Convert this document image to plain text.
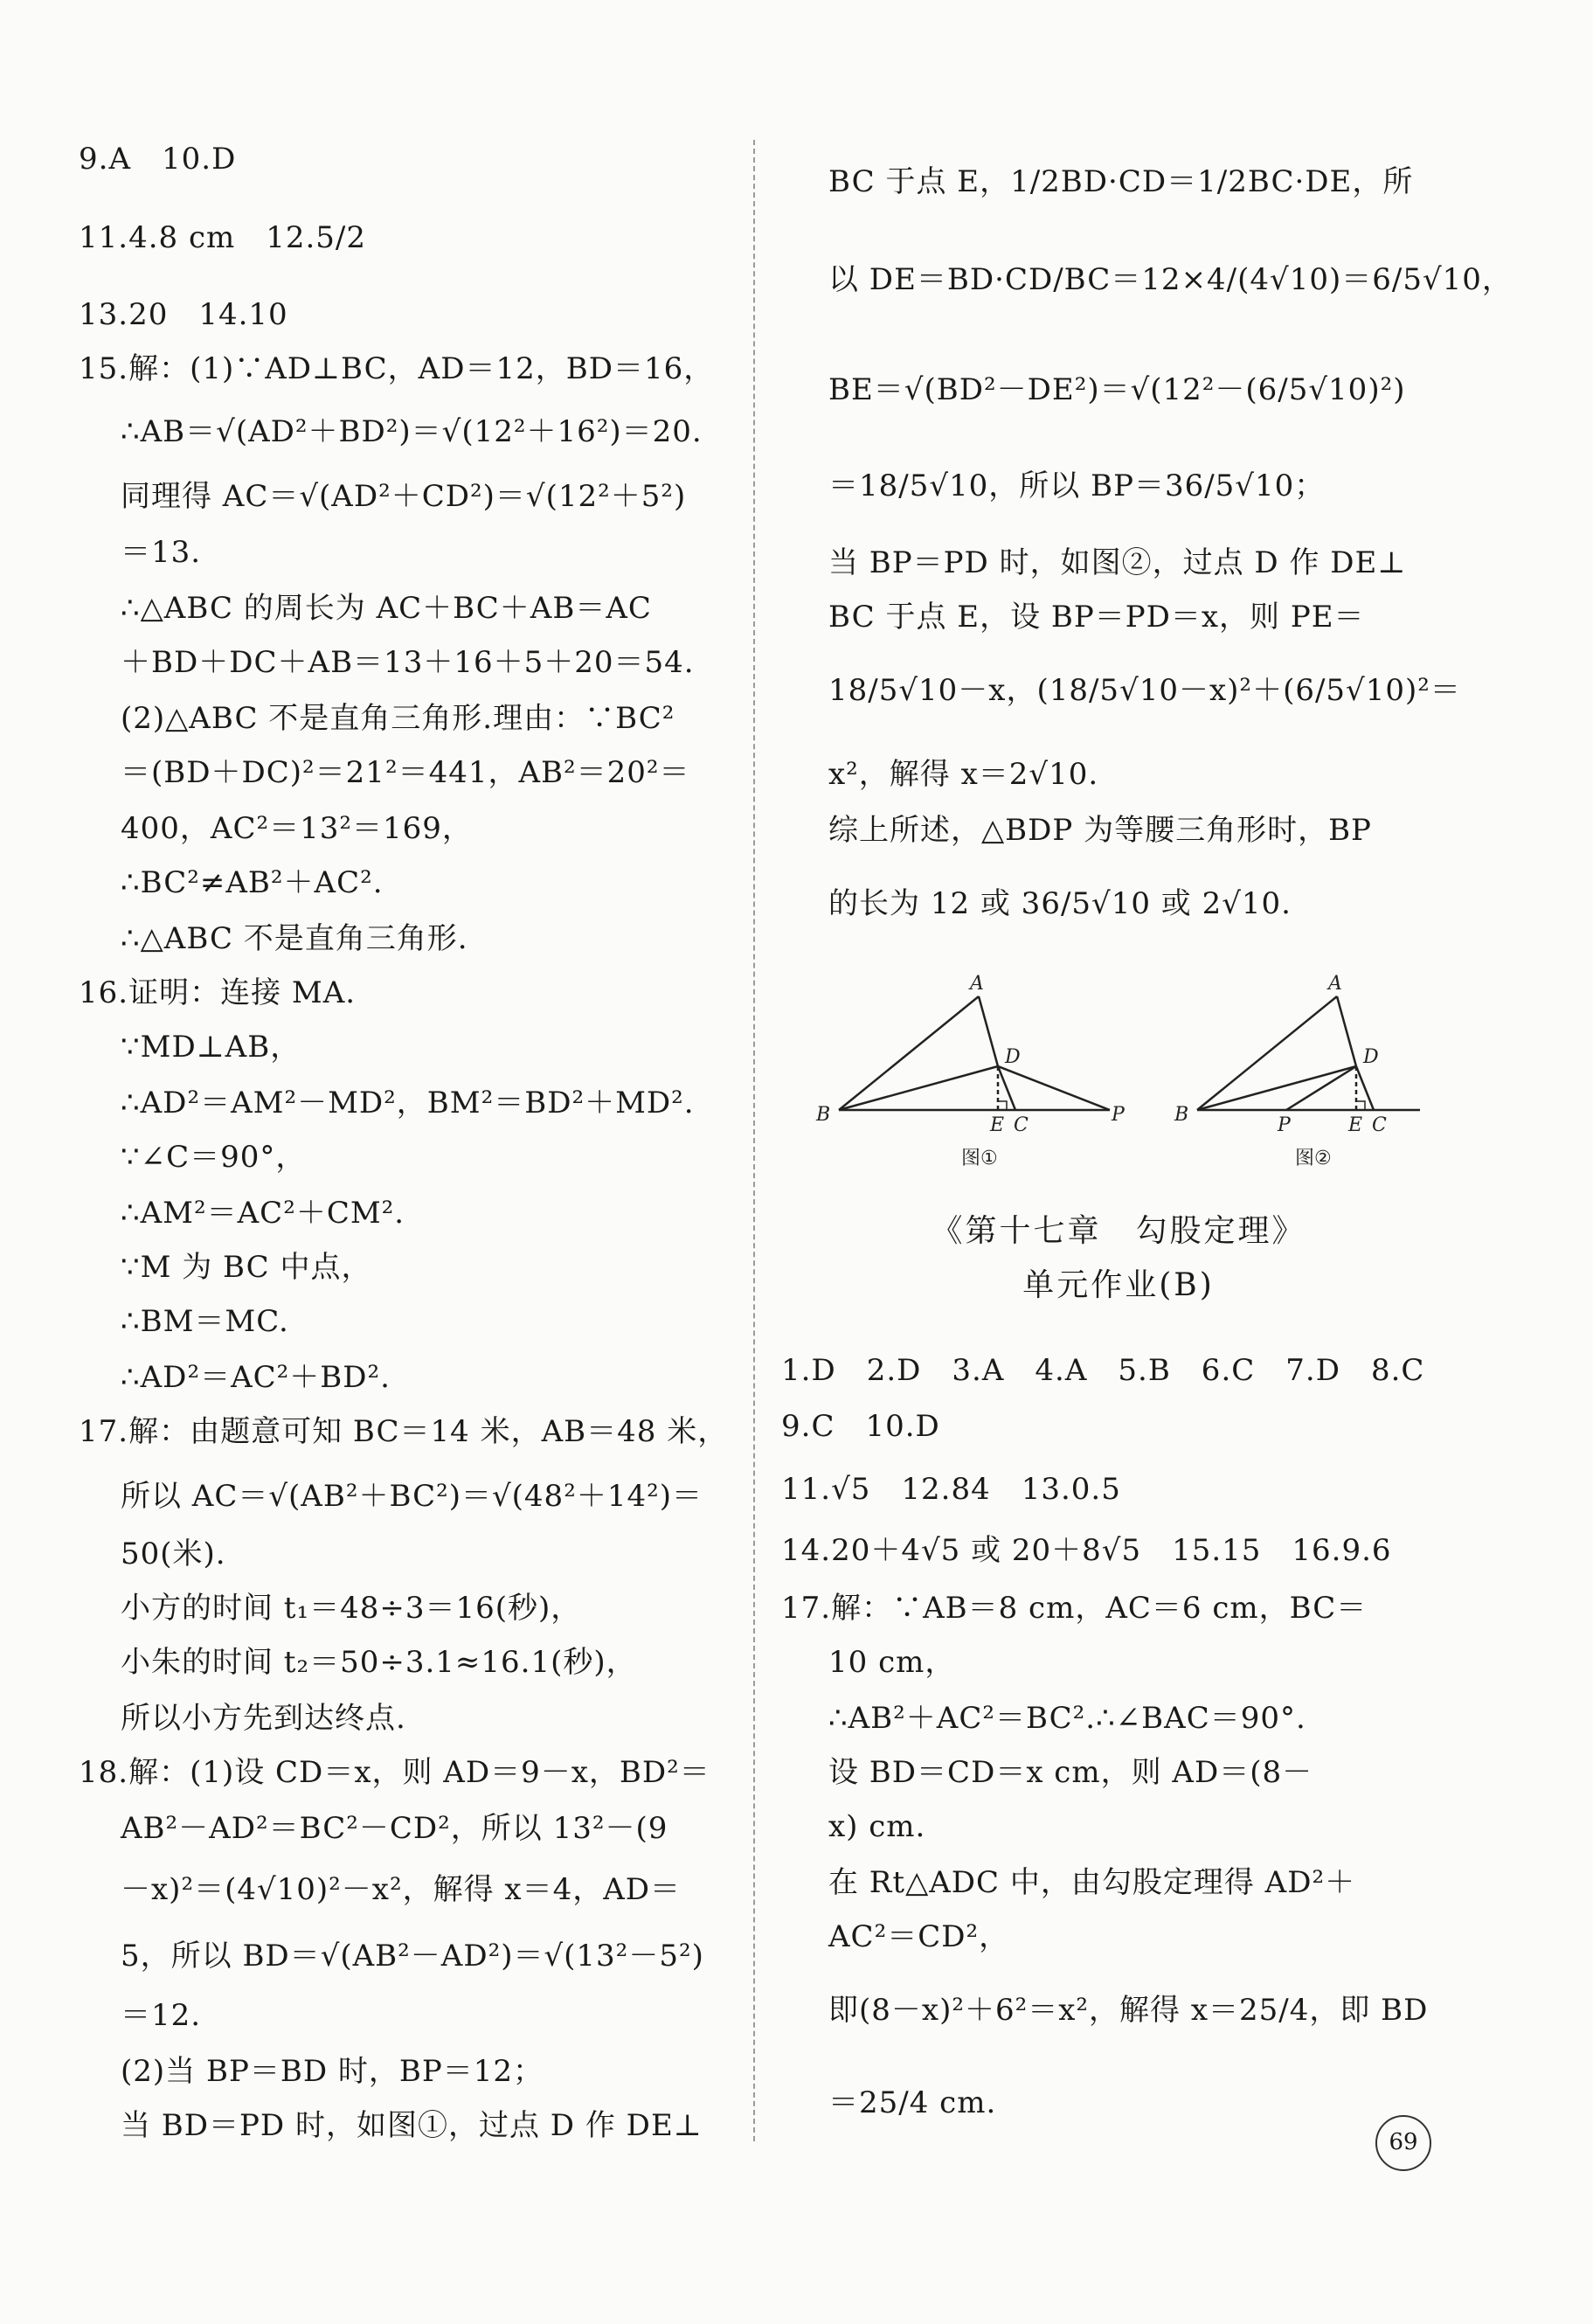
9.A　10.D
11.4.8 cm　12.5/2
13.20　14.10
15.解：(1)∵AD⊥BC，AD＝12，BD＝16，
∴AB＝√(AD²＋BD²)＝√(12²＋16²)＝20.
同理得 AC＝√(AD²＋CD²)＝√(12²＋5²)
＝13.
∴△ABC 的周长为 AC＋BC＋AB＝AC
＋BD＋DC＋AB＝13＋16＋5＋20＝54.
(2)△ABC 不是直角三角形.理由：∵BC²
＝(BD＋DC)²＝21²＝441，AB²＝20²＝
400，AC²＝13²＝169，
∴BC²≠AB²＋AC².
∴△ABC 不是直角三角形.
16.证明：连接 MA.
∵MD⊥AB，
∴AD²＝AM²－MD²，BM²＝BD²＋MD².
∵∠C＝90°，
∴AM²＝AC²＋CM².
∵M 为 BC 中点，
∴BM＝MC.
∴AD²＝AC²＋BD².
17.解：由题意可知 BC＝14 米，AB＝48 米，
所以 AC＝√(AB²＋BC²)＝√(48²＋14²)＝
50(米).
小方的时间 t₁＝48÷3＝16(秒)，
小朱的时间 t₂＝50÷3.1≈16.1(秒)，
所以小方先到达终点.
18.解：(1)设 CD＝x，则 AD＝9－x，BD²＝
AB²－AD²＝BC²－CD²，所以 13²－(9
－x)²＝(4√10)²－x²，解得 x＝4，AD＝
5，所以 BD＝√(AB²－AD²)＝√(13²－5²)
＝12.
(2)当 BP＝BD 时，BP＝12；
当 BD＝PD 时，如图①，过点 D 作 DE⊥
BC 于点 E，1/2BD·CD＝1/2BC·DE，所
以 DE＝BD·CD/BC＝12×4/(4√10)＝6/5√10，
BE＝√(BD²－DE²)＝√(12²－(6/5√10)²)
＝18/5√10，所以 BP＝36/5√10；
当 BP＝PD 时，如图②，过点 D 作 DE⊥
BC 于点 E，设 BP＝PD＝x，则 PE＝
18/5√10－x，(18/5√10－x)²＋(6/5√10)²＝
x²，解得 x＝2√10.
综上所述，△BDP 为等腰三角形时，BP
的长为 12 或 36/5√10 或 2√10.
A
D
B	E C	P
图①
A
D
B	P	E C
图②
《第十七章　勾股定理》
单元作业(B)
1.D　2.D　3.A　4.A　5.B　6.C　7.D　8.C
9.C　10.D
11.√5　12.84　13.0.5
14.20＋4√5 或 20＋8√5　15.15　16.9.6
17.解：∵AB＝8 cm，AC＝6 cm，BC＝
10 cm，
∴AB²＋AC²＝BC².∴∠BAC＝90°.
设 BD＝CD＝x cm，则 AD＝(8－
x) cm.
在 Rt△ADC 中，由勾股定理得 AD²＋
AC²＝CD²，
即(8－x)²＋6²＝x²，解得 x＝25/4，即 BD
＝25/4 cm.
69
